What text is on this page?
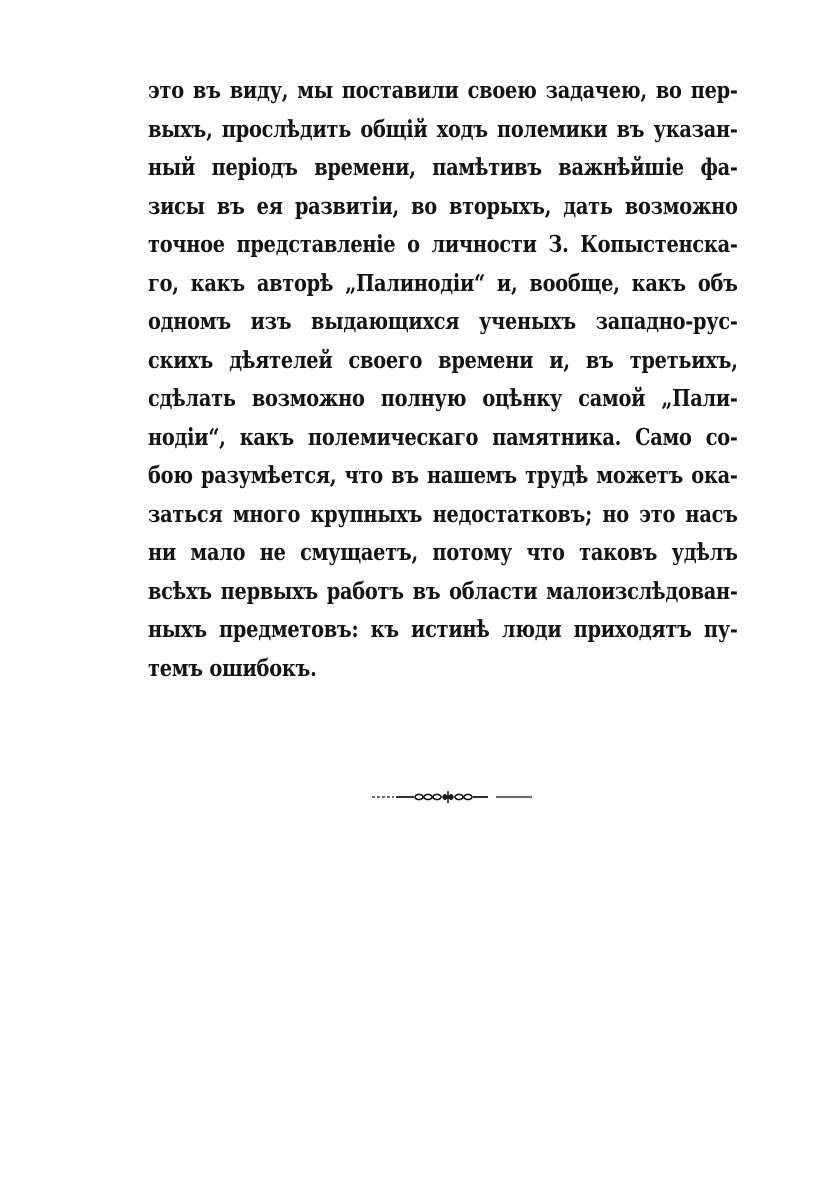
это въ виду, мы поставили своею задачею, во пер-
выхъ, прослѣдить общій ходъ полемики въ указан-
ный періодъ времени, памѣтивъ важнѣйшіе фа-
зисы въ ея развитіи, во вторыхъ, дать возможно
точное представленіе о личности З. Копыстенска-
го, какъ авторѣ „Палинодіи“ и, вообще, какъ объ
одномъ изъ выдающихся ученыхъ западно-рус-
скихъ дѣятелей своего времени и, въ третьихъ,
сдѣлать возможно полную оцѣнку самой „Пали-
нодіи“, какъ полемическаго памятника. Само со-
бою разумѣется, что въ нашемъ трудѣ можетъ ока-
заться много крупныхъ недостатковъ; но это насъ
ни мало не смущаетъ, потому что таковъ удѣлъ
всѣхъ первыхъ работъ въ области малоизслѣдован-
ныхъ предметовъ: къ истинѣ люди приходятъ пу-
темъ ошибокъ.
